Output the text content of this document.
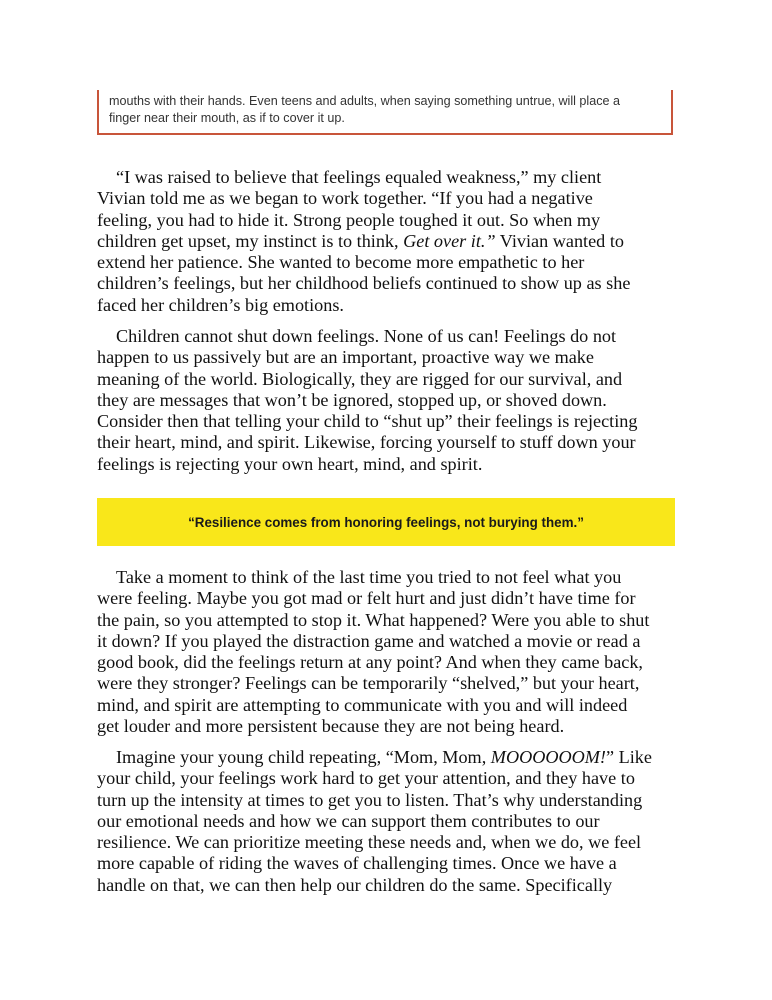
mouths with their hands. Even teens and adults, when saying something untrue, will place a
finger near their mouth, as if to cover it up.
“I was raised to believe that feelings equaled weakness,” my client
Vivian told me as we began to work together. “If you had a negative
feeling, you had to hide it. Strong people toughed it out. So when my
children get upset, my instinct is to think, Get over it.” Vivian wanted to
extend her patience. She wanted to become more empathetic to her
children’s feelings, but her childhood beliefs continued to show up as she
faced her children’s big emotions.
Children cannot shut down feelings. None of us can! Feelings do not
happen to us passively but are an important, proactive way we make
meaning of the world. Biologically, they are rigged for our survival, and
they are messages that won’t be ignored, stopped up, or shoved down.
Consider then that telling your child to “shut up” their feelings is rejecting
their heart, mind, and spirit. Likewise, forcing yourself to stuff down your
feelings is rejecting your own heart, mind, and spirit.
“Resilience comes from honoring feelings, not burying them.”
Take a moment to think of the last time you tried to not feel what you
were feeling. Maybe you got mad or felt hurt and just didn’t have time for
the pain, so you attempted to stop it. What happened? Were you able to shut
it down? If you played the distraction game and watched a movie or read a
good book, did the feelings return at any point? And when they came back,
were they stronger? Feelings can be temporarily “shelved,” but your heart,
mind, and spirit are attempting to communicate with you and will indeed
get louder and more persistent because they are not being heard.
Imagine your young child repeating, “Mom, Mom, MOOOOOOM!” Like
your child, your feelings work hard to get your attention, and they have to
turn up the intensity at times to get you to listen. That’s why understanding
our emotional needs and how we can support them contributes to our
resilience. We can prioritize meeting these needs and, when we do, we feel
more capable of riding the waves of challenging times. Once we have a
handle on that, we can then help our children do the same. Specifically
